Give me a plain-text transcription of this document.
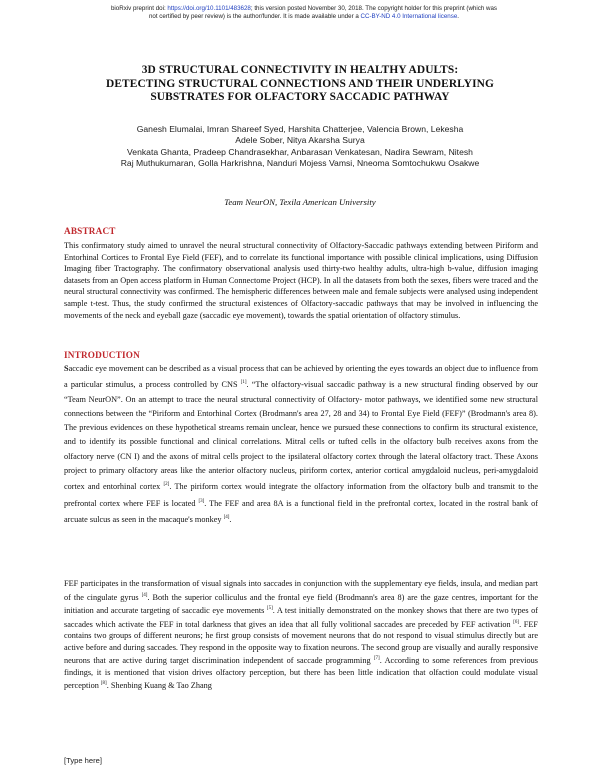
bioRxiv preprint doi: https://doi.org/10.1101/483628; this version posted November 30, 2018. The copyright holder for this preprint (which was
not certified by peer review) is the author/funder. It is made available under a CC-BY-ND 4.0 International license.
3D STRUCTURAL CONNECTIVITY IN HEALTHY ADULTS:
DETECTING STRUCTURAL CONNECTIONS AND THEIR UNDERLYING
SUBSTRATES FOR OLFACTORY SACCADIC PATHWAY
Ganesh Elumalai, Imran Shareef Syed, Harshita Chatterjee, Valencia Brown, Lekesha
Adele Sober, Nitya Akarsha Surya
Venkata Ghanta, Pradeep Chandrasekhar, Anbarasan Venkatesan, Nadira Sewram, Nitesh
Raj Muthukumaran, Golla Harkrishna, Nanduri Mojess Vamsi, Nneoma Somtochukwu Osakwe
Team NeurON, Texila American University
ABSTRACT

This confirmatory study aimed to unravel the neural structural connectivity of Olfactory-Saccadic pathways extending between Piriform and Entorhinal Cortices to Frontal Eye Field (FEF), and to correlate its functional importance with possible clinical implications, using Diffusion Imaging fiber Tractography. The confirmatory observational analysis used thirty-two healthy adults, ultra-high b-value, diffusion imaging datasets from an Open access platform in Human Connectome Project (HCP). In all the datasets from both the sexes, fibers were traced and the neural structural connectivity was confirmed. The hemispheric differences between male and female subjects were analysed using independent sample t-test. Thus, the study confirmed the structural existences of Olfactory-saccadic pathways that may be involved in influencing the movements of the neck and eyeball gaze (saccadic eye movement), towards the spatial orientation of olfactory stimulus.

INTRODUCTION

Saccadic eye movement can be described as a visual process that can be achieved by orienting the eyes towards an object due to influence from a particular stimulus, a process controlled by CNS [1]. “The olfactory-visual saccadic pathway is a new structural finding observed by our “Team NeurON”. On an attempt to trace the neural structural connectivity of Olfactory- motor pathways, we identified some new structural connections between the “Piriform and Entorhinal Cortex (Brodmann's area 27, 28 and 34) to Frontal Eye Field (FEF)” (Brodmann's area 8). The previous evidences on these hypothetical streams remain unclear, hence we pursued these connections to confirm its structural existence, and to identify its possible functional and clinical correlations. Mitral cells or tufted cells in the olfactory bulb receives axons from the olfactory nerve (CN I) and the axons of mitral cells project to the ipsilateral olfactory cortex through the lateral olfactory tract. These Axons project to primary olfactory areas like the anterior olfactory nucleus, piriform cortex, anterior cortical amygdaloid nucleus, peri-amygdaloid cortex and entorhinal cortex [2]. The piriform cortex would integrate the olfactory information from the olfactory bulb and transmit to the prefrontal cortex where FEF is located [3]. The FEF and area 8A is a functional field in the prefrontal cortex, located in the rostral bank of arcuate sulcus as seen in the macaque's monkey [4].

FEF participates in the transformation of visual signals into saccades in conjunction with the supplementary eye fields, insula, and median part of the cingulate gyrus [4]. Both the superior colliculus and the frontal eye field (Brodmann's area 8) are the gaze centres, important for the initiation and accurate targeting of saccadic eye movements [5]. A test initially demonstrated on the monkey shows that there are two types of saccades which activate the FEF in total darkness that gives an idea that all fully volitional saccades are preceded by FEF activation [6]. FEF contains two groups of different neurons; he first group consists of movement neurons that do not respond to visual stimulus directly but are active before and during saccades. They respond in the opposite way to fixation neurons. The second group are visually and aurally responsive neurons that are active during target discrimination independent of saccade programming [7]. According to some references from previous findings, it is mentioned that vision drives olfactory perception, but there has been little indication that olfaction could modulate visual perception [8]. Shenbing Kuang & Tao Zhang

[Type here]
